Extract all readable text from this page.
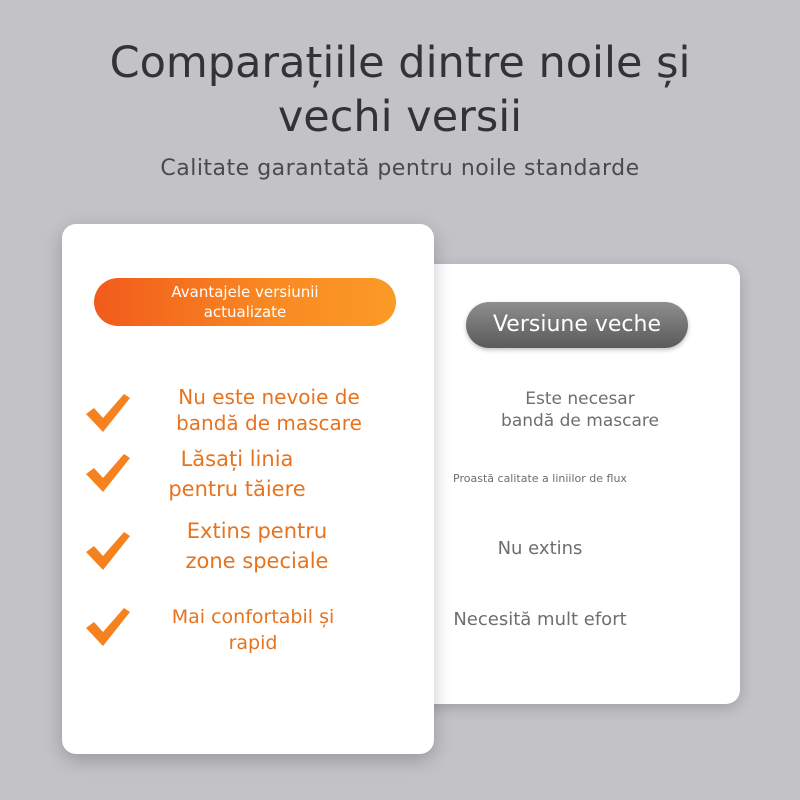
Comparațiile dintre noile și
vechi versii
Calitate garantată pentru noile standarde
Versiune veche
Este necesar
bandă de mascare
Proastă calitate a liniilor de flux
Nu extins
Necesită mult efort
Avantajele versiunii
actualizate
Nu este nevoie de
bandă de mascare
Lăsați linia
pentru tăiere
Extins pentru
zone speciale
Mai confortabil și
rapid
